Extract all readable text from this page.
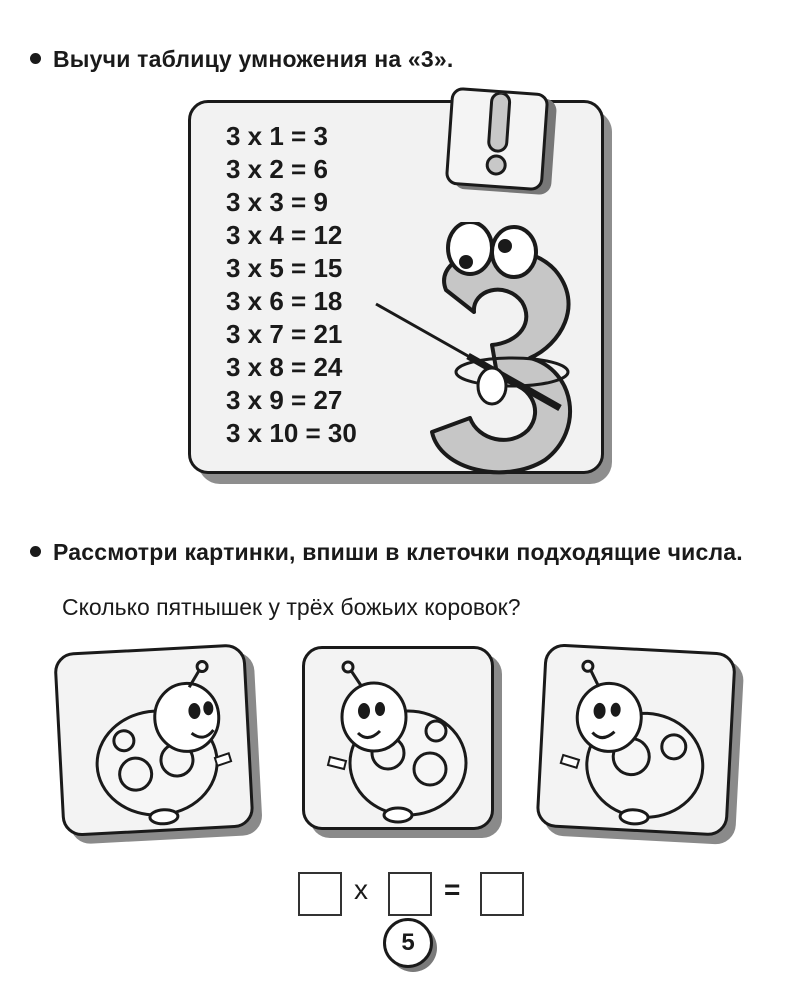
Выучи таблицу умножения на «3».
3 x 1 = 3
3 x 2 = 6
3 x 3 = 9
3 x 4 = 12
3 x 5 = 15
3 x 6 = 18
3 x 7 = 21
3 x 8 = 24
3 x 9 = 27
3 x 10 = 30
Рассмотри картинки, впиши в клеточки подходящие числа.
Сколько пятнышек у трёх божьих коровок?
x	=
5
